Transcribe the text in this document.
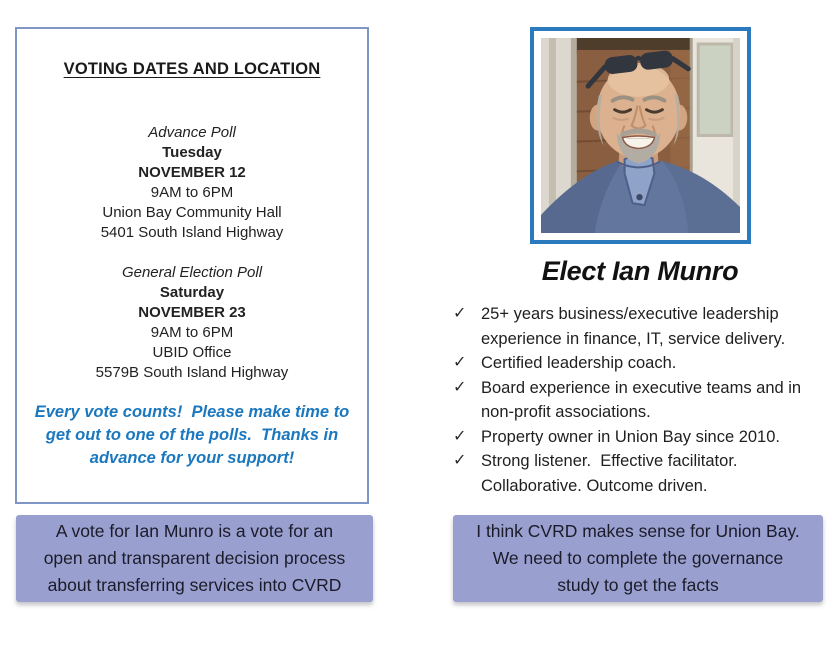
VOTING DATES AND LOCATION
Advance Poll
Tuesday
NOVEMBER 12
9AM to 6PM
Union Bay Community Hall
5401 South Island Highway
General Election Poll
Saturday
NOVEMBER 23
9AM to 6PM
UBID Office
5579B South Island Highway
Every vote counts!  Please make time to
get out to one of the polls.  Thanks in
advance for your support!
Elect Ian Munro
✓ 25+ years business/executive leadership
experience in finance, IT, service delivery.
✓ Certified leadership coach.
✓ Board experience in executive teams and in
non-profit associations.
✓ Property owner in Union Bay since 2010.
✓ Strong listener.  Effective facilitator.
Collaborative. Outcome driven.
A vote for Ian Munro is a vote for an
open and transparent decision process
about transferring services into CVRD
I think CVRD makes sense for Union Bay.
We need to complete the governance
study to get the facts
